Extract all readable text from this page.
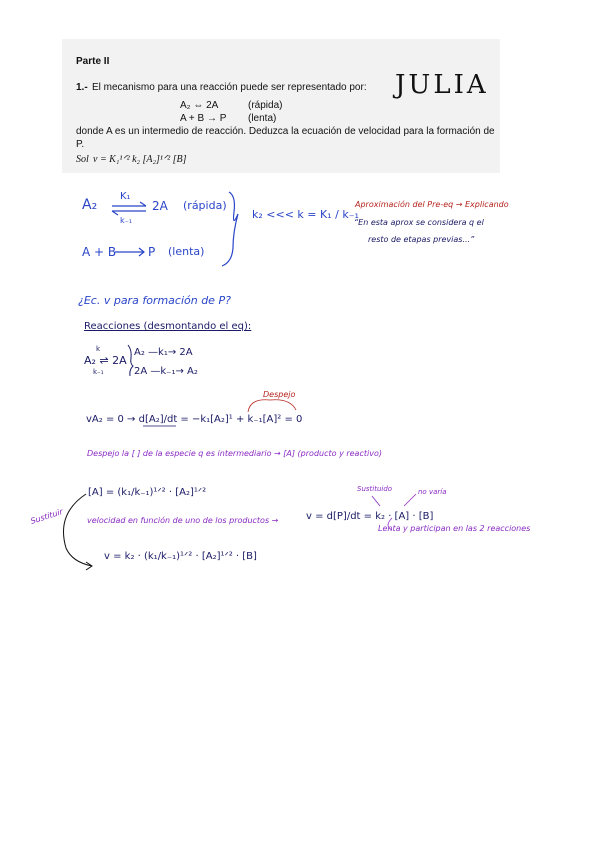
Parte II
1.- El mecanismo para una reacción puede ser representado por:
A₂ ⇔ 2A	(rápida)
A + B → P (lenta)
donde A es un intermedio de reacción. Deduzca la ecuación de velocidad para la formación de
P.
Sol v = K₁¹ᐟ² k₂ [A₂]¹ᐟ² [B]
JULIA
A₂
K₁
k₋₁
2A (rápida)
A + B	P (lenta)
k₂ <<< k = K₁ / k₋₁
Aproximación del Pre-eq → Explicando
“En esta aprox se considera q el
resto de etapas previas...”
¿Ec. v para formación de P?
Reacciones (desmontando el eq):
A₂ ⇌ 2A
k
k₋₁
A₂ —k₁→ 2A
2A —k₋₁→ A₂
Despejo
vA₂ = 0 → d[A₂]/dt = −k₁[A₂]¹ + k₋₁[A]² = 0
Despejo la [ ] de la especie q es intermediario → [A] (producto y reactivo)
[A] = (k₁/k₋₁)¹ᐟ² · [A₂]¹ᐟ²
Sustituir	velocidad en función de uno de los productos →	v = d[P]/dt = k₂ · [A] · [B]
Sustituido	no varía
Lenta y participan en las 2 reacciones
v = k₂ · (k₁/k₋₁)¹ᐟ² · [A₂]¹ᐟ² · [B]
